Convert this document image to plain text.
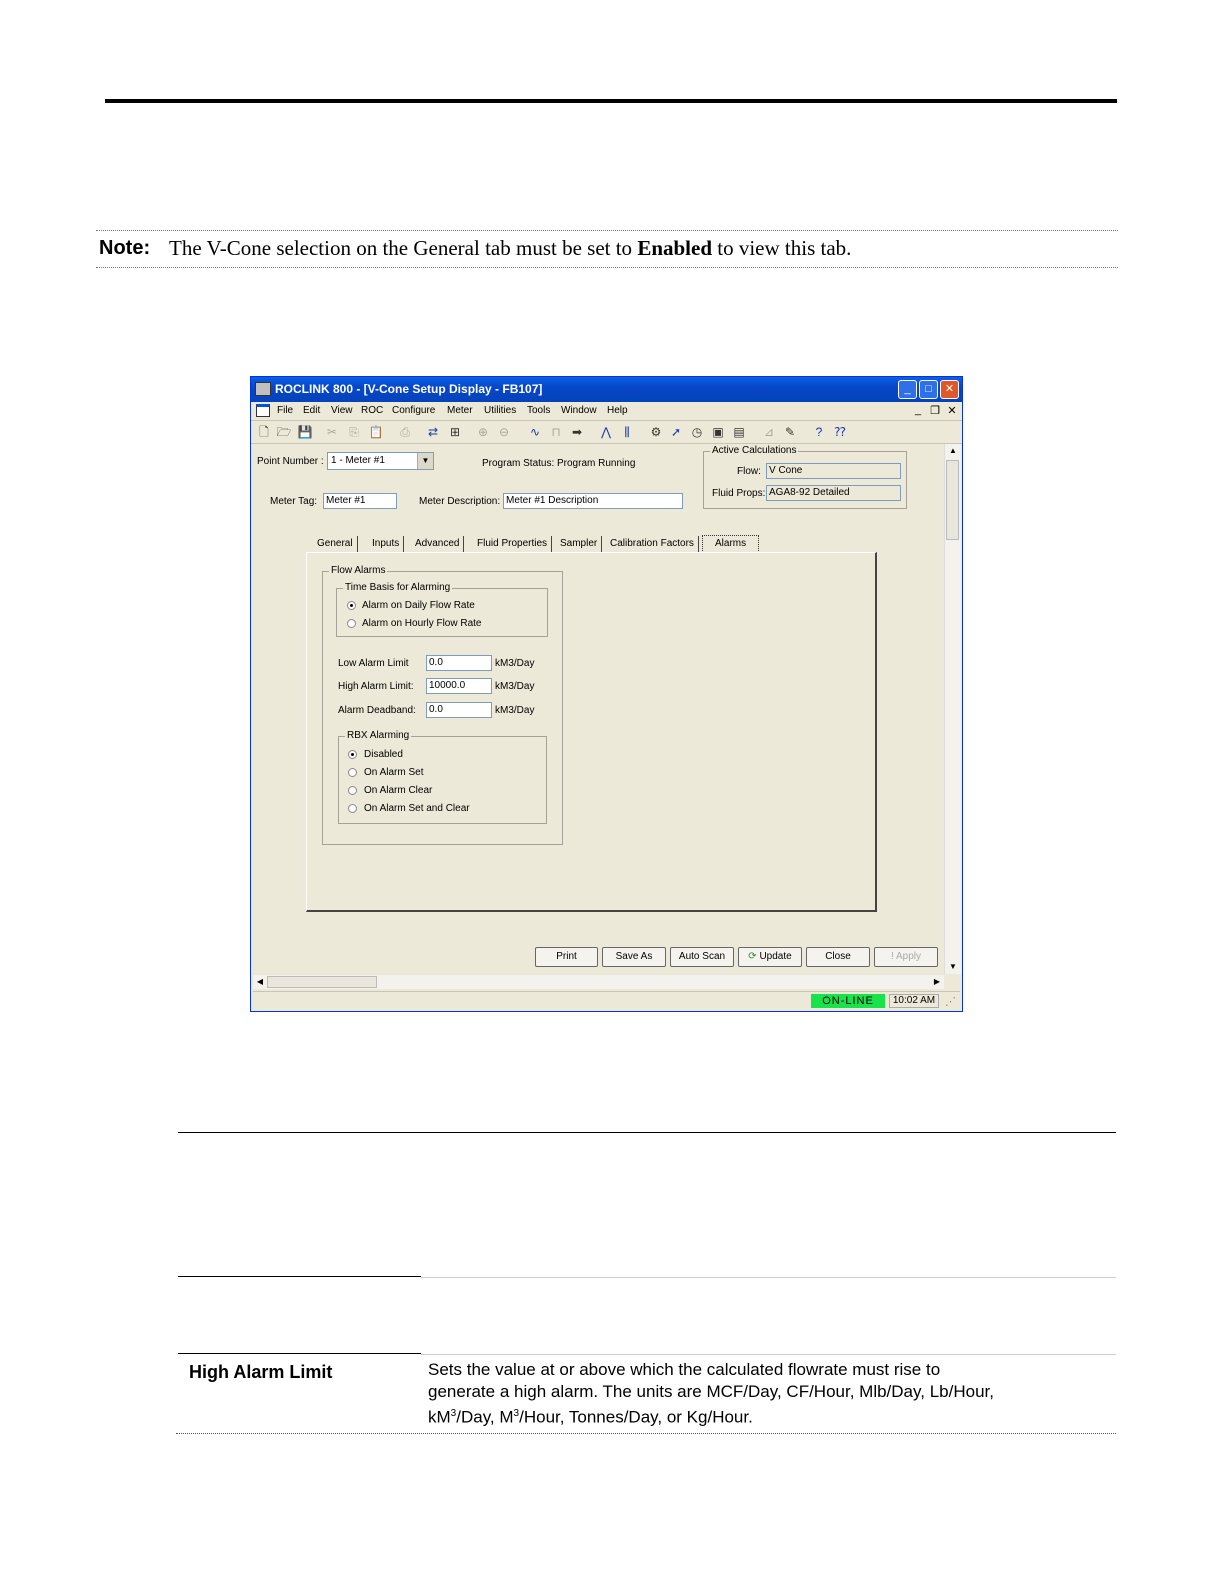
Note: The V-Cone selection on the General tab must be set to Enabled to view this tab.
ROCLINK 800 - [V-Cone Setup Display - FB107]	_	□	✕
File Edit View ROC Configure Meter Utilities Tools Window Help	_ ❐ ✕
🗋 🗁 💾 ✂ ⎘ 📋 ⎙ ⇄ ⊞ ⊕ ⊖ ∿ ⊓ ➡ ⋀	⫼	⚙ ➚ ◷ ▣ ▤ ⊿ ✎	?	⁇
Point Number : 1 - Meter #1	▼	Program Status: Program Running
Active Calculations
Flow: V Cone
Fluid Props: AGA8-92 Detailed
Meter Tag: Meter #1	Meter Description: Meter #1 Description
General	Inputs	Advanced	Fluid Properties	Sampler	Calibration Factors	Alarms
Flow Alarms
Time Basis for Alarming
Alarm on Daily Flow Rate
Alarm on Hourly Flow Rate
Low Alarm Limit	0.0	kM3/Day
High Alarm Limit:	10000.0	kM3/Day
Alarm Deadband:	0.0	kM3/Day
RBX Alarming
Disabled
On Alarm Set
On Alarm Clear
On Alarm Set and Clear
Print	Save As	Auto Scan	⟳ Update	Close	! Apply
▲
▼
◀	▶
ON-LINE	10:02 AM ⋰
High Alarm Limit	Sets the value at or above which the calculated flowrate must rise to
generate a high alarm. The units are MCF/Day, CF/Hour, Mlb/Day, Lb/Hour,
$kM^3$/Day, $M^3$/Hour, Tonnes/Day, or Kg/Hour.
